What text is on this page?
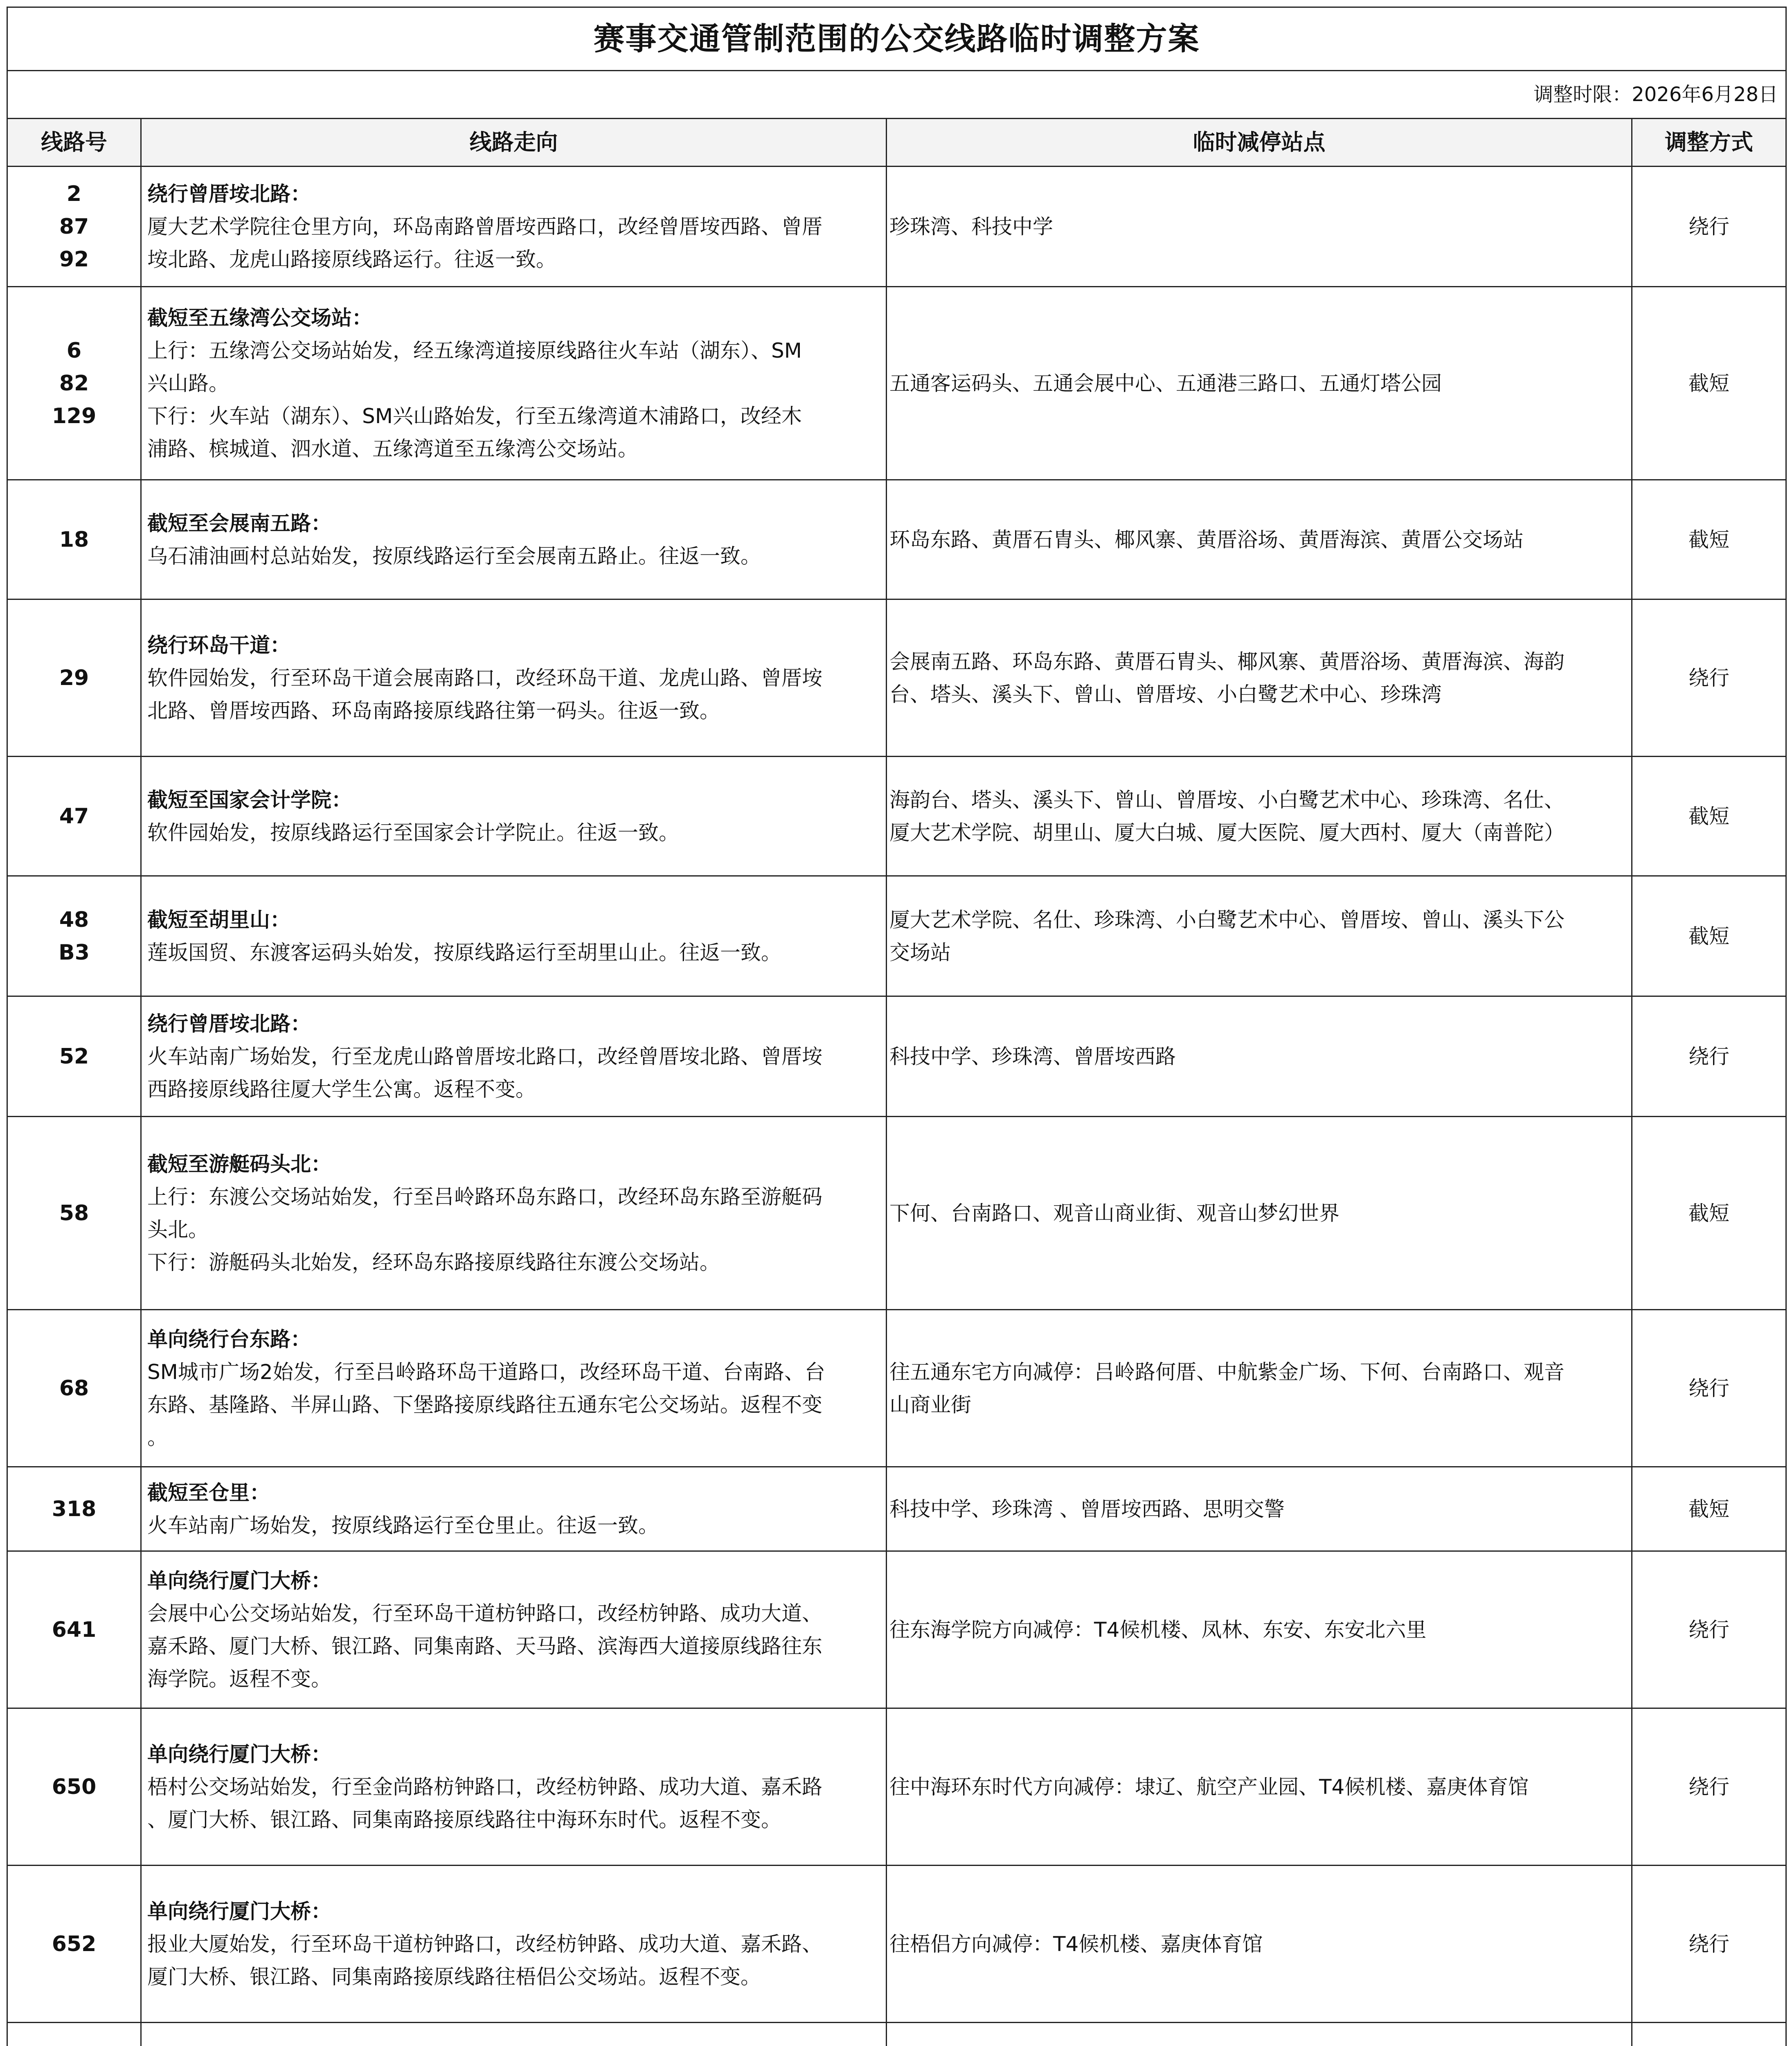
赛事交通管制范围的公交线路临时调整方案			
调整时限：2026年6月28日			
线路号	线路走向	临时减停站点	调整方式

2
87
92	绕行曾厝垵北路：
厦大艺术学院往仓里方向，环岛南路曾厝垵西路口，改经曾厝垵西路、曾厝
垵北路、龙虎山路接原线路运行。往返一致。	珍珠湾、科技中学	绕行

6
82
129	截短至五缘湾公交场站：
上行：五缘湾公交场站始发，经五缘湾道接原线路往火车站（湖东）、SM
兴山路。
下行：火车站（湖东）、SM兴山路始发，行至五缘湾道木浦路口，改经木
浦路、槟城道、泗水道、五缘湾道至五缘湾公交场站。	五通客运码头、五通会展中心、五通港三路口、五通灯塔公园	截短

18	截短至会展南五路：
乌石浦油画村总站始发，按原线路运行至会展南五路止。往返一致。	环岛东路、黄厝石胄头、椰风寨、黄厝浴场、黄厝海滨、黄厝公交场站	截短

29	绕行环岛干道：
软件园始发，行至环岛干道会展南路口，改经环岛干道、龙虎山路、曾厝垵
北路、曾厝垵西路、环岛南路接原线路往第一码头。往返一致。	会展南五路、环岛东路、黄厝石胄头、椰风寨、黄厝浴场、黄厝海滨、海韵
台、塔头、溪头下、曾山、曾厝垵、小白鹭艺术中心、珍珠湾	绕行

47	截短至国家会计学院：
软件园始发，按原线路运行至国家会计学院止。往返一致。	海韵台、塔头、溪头下、曾山、曾厝垵、小白鹭艺术中心、珍珠湾、名仕、
厦大艺术学院、胡里山、厦大白城、厦大医院、厦大西村、厦大（南普陀）	截短

48
B3	截短至胡里山：
莲坂国贸、东渡客运码头始发，按原线路运行至胡里山止。往返一致。	厦大艺术学院、名仕、珍珠湾、小白鹭艺术中心、曾厝垵、曾山、溪头下公
交场站	截短

52	绕行曾厝垵北路：
火车站南广场始发，行至龙虎山路曾厝垵北路口，改经曾厝垵北路、曾厝垵
西路接原线路往厦大学生公寓。返程不变。	科技中学、珍珠湾、曾厝垵西路	绕行

58	截短至游艇码头北：
上行：东渡公交场站始发，行至吕岭路环岛东路口，改经环岛东路至游艇码
头北。
下行：游艇码头北始发，经环岛东路接原线路往东渡公交场站。	下何、台南路口、观音山商业街、观音山梦幻世界	截短

68	单向绕行台东路：
SM城市广场2始发，行至吕岭路环岛干道路口，改经环岛干道、台南路、台
东路、基隆路、半屏山路、下堡路接原线路往五通东宅公交场站。返程不变
。	往五通东宅方向减停：吕岭路何厝、中航紫金广场、下何、台南路口、观音
山商业街	绕行

318	截短至仓里：
火车站南广场始发，按原线路运行至仓里止。往返一致。	科技中学、珍珠湾 、曾厝垵西路、思明交警	截短

641	单向绕行厦门大桥：
会展中心公交场站始发，行至环岛干道枋钟路口，改经枋钟路、成功大道、
嘉禾路、厦门大桥、银江路、同集南路、天马路、滨海西大道接原线路往东
海学院。返程不变。	往东海学院方向减停：T4候机楼、凤林、东安、东安北六里	绕行

650	单向绕行厦门大桥：
梧村公交场站始发，行至金尚路枋钟路口，改经枋钟路、成功大道、嘉禾路
、厦门大桥、银江路、同集南路接原线路往中海环东时代。返程不变。	往中海环东时代方向减停：埭辽、航空产业园、T4候机楼、嘉庚体育馆	绕行

652	单向绕行厦门大桥：
报业大厦始发，行至环岛干道枋钟路口，改经枋钟路、成功大道、嘉禾路、
厦门大桥、银江路、同集南路接原线路往梧侣公交场站。返程不变。	往梧侣方向减停：T4候机楼、嘉庚体育馆	绕行
